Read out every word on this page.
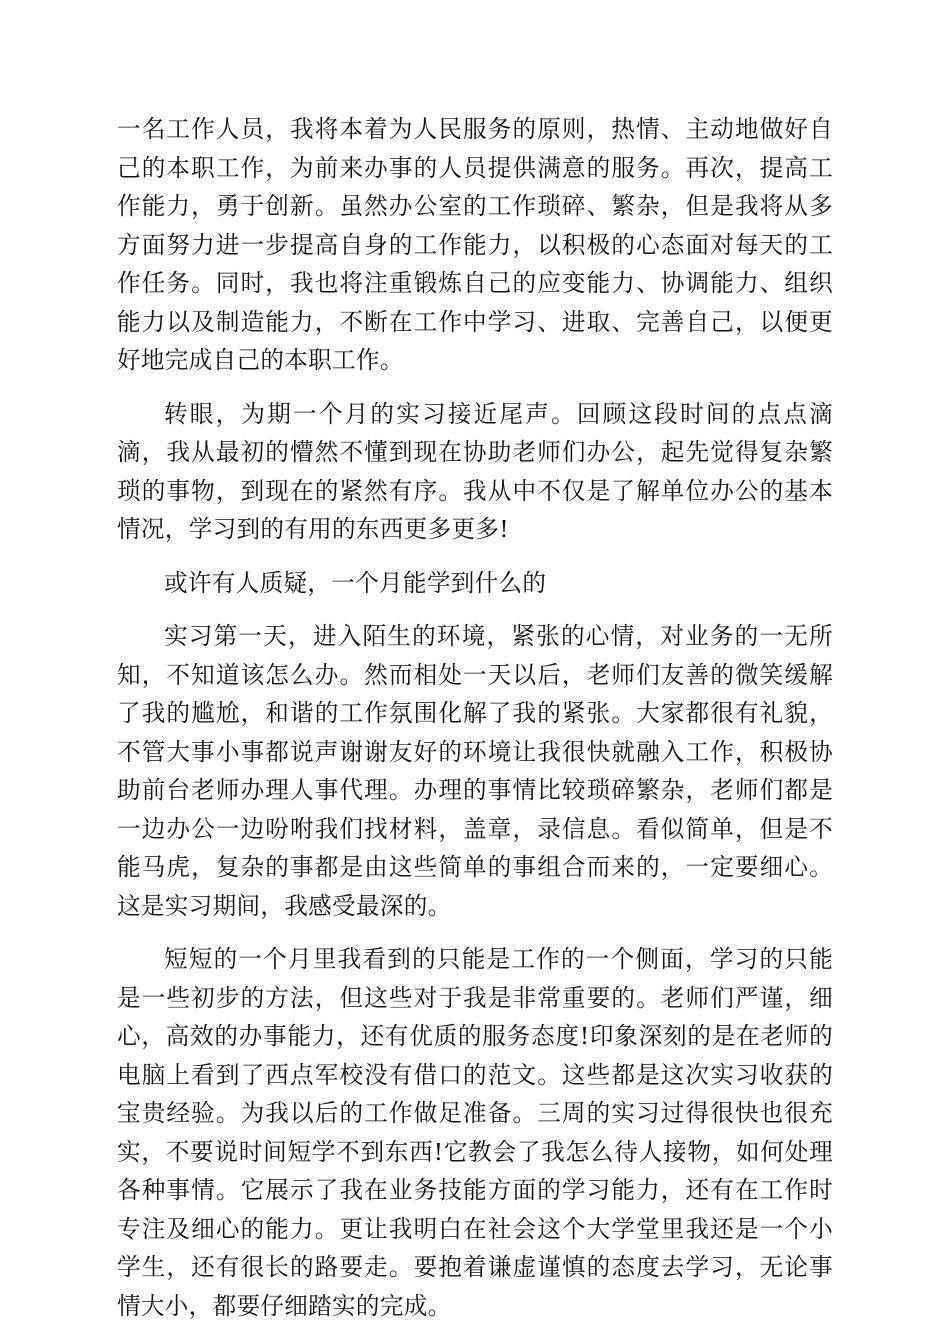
一名工作人员，我将本着为人民服务的原则，热情、主动地做好自己的本职工作，为前来办事的人员提供满意的服务。再次，提高工作能力，勇于创新。虽然办公室的工作琐碎、繁杂，但是我将从多方面努力进一步提高自身的工作能力，以积极的心态面对每天的工作任务。同时，我也将注重锻炼自己的应变能力、协调能力、组织能力以及制造能力，不断在工作中学习、进取、完善自己，以便更好地完成自己的本职工作。

转眼，为期一个月的实习接近尾声。回顾这段时间的点点滴滴，我从最初的懵然不懂到现在协助老师们办公，起先觉得复杂繁琐的事物，到现在的紧然有序。我从中不仅是了解单位办公的基本情况，学习到的有用的东西更多更多!

或许有人质疑，一个月能学到什么的

实习第一天，进入陌生的环境，紧张的心情，对业务的一无所知，不知道该怎么办。然而相处一天以后，老师们友善的微笑缓解了我的尴尬，和谐的工作氛围化解了我的紧张。大家都很有礼貌，不管大事小事都说声谢谢友好的环境让我很快就融入工作，积极协助前台老师办理人事代理。办理的事情比较琐碎繁杂，老师们都是一边办公一边吩咐我们找材料，盖章，录信息。看似简单，但是不能马虎，复杂的事都是由这些简单的事组合而来的，一定要细心。这是实习期间，我感受最深的。

短短的一个月里我看到的只能是工作的一个侧面，学习的只能是一些初步的方法，但这些对于我是非常重要的。老师们严谨，细心，高效的办事能力，还有优质的服务态度!印象深刻的是在老师的电脑上看到了西点军校没有借口的范文。这些都是这次实习收获的宝贵经验。为我以后的工作做足准备。三周的实习过得很快也很充实，不要说时间短学不到东西!它教会了我怎么待人接物，如何处理各种事情。它展示了我在业务技能方面的学习能力，还有在工作时专注及细心的能力。更让我明白在社会这个大学堂里我还是一个小学生，还有很长的路要走。要抱着谦虚谨慎的态度去学习，无论事情大小，都要仔细踏实的完成。
